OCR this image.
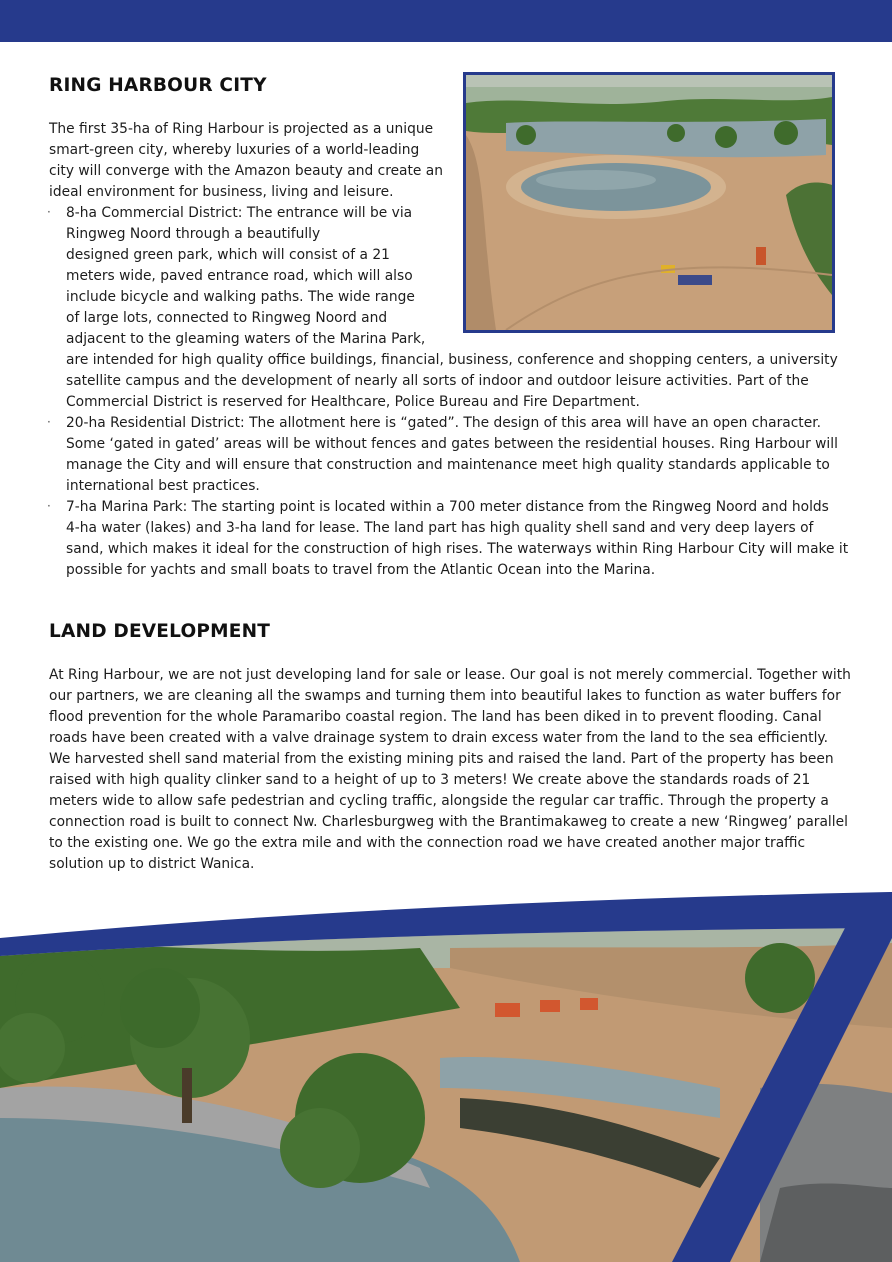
RING HARBOUR CITY
The first 35-ha of Ring Harbour is projected as a unique
smart-green city, whereby luxuries of a world-leading
city will converge with the Amazon beauty and create an
ideal environment for business, living and leisure.
· 8-ha Commercial District: The entrance will be via
Ringweg Noord through a beautifully
designed green park, which will consist of a 21
meters wide, paved entrance road, which will also
include bicycle and walking paths. The wide range
of large lots, connected to Ringweg Noord and
adjacent to the gleaming waters of the Marina Park,
are intended for high quality office buildings, financial, business, conference and shopping centers, a university
satellite campus and the development of nearly all sorts of indoor and outdoor leisure activities. Part of the
Commercial District is reserved for Healthcare, Police Bureau and Fire Department.
· 20-ha Residential District: The allotment here is “gated”. The design of this area will have an open character.
Some ‘gated in gated’ areas will be without fences and gates between the residential houses. Ring Harbour will
manage the City and will ensure that construction and maintenance meet high quality standards applicable to
international best practices.
· 7-ha Marina Park: The starting point is located within a 700 meter distance from the Ringweg Noord and holds
4-ha water (lakes) and 3-ha land for lease. The land part has high quality shell sand and very deep layers of
sand, which makes it ideal for the construction of high rises. The waterways within Ring Harbour City will make it
possible for yachts and small boats to travel from the Atlantic Ocean into the Marina.
LAND DEVELOPMENT
At Ring Harbour, we are not just developing land for sale or lease. Our goal is not merely commercial. Together with
our partners, we are cleaning all the swamps and turning them into beautiful lakes to function as water buffers for
flood prevention for the whole Paramaribo coastal region. The land has been diked in to prevent flooding. Canal
roads have been created with a valve drainage system to drain excess water from the land to the sea efficiently.
We harvested shell sand material from the existing mining pits and raised the land. Part of the property has been
raised with high quality clinker sand to a height of up to 3 meters! We create above the standards roads of 21
meters wide to allow safe pedestrian and cycling traffic, alongside the regular car traffic. Through the property a
connection road is built to connect Nw. Charlesburgweg with the Brantimakaweg to create a new ‘Ringweg’ parallel
to the existing one. We go the extra mile and with the connection road we have created another major traffic
solution up to district Wanica.
